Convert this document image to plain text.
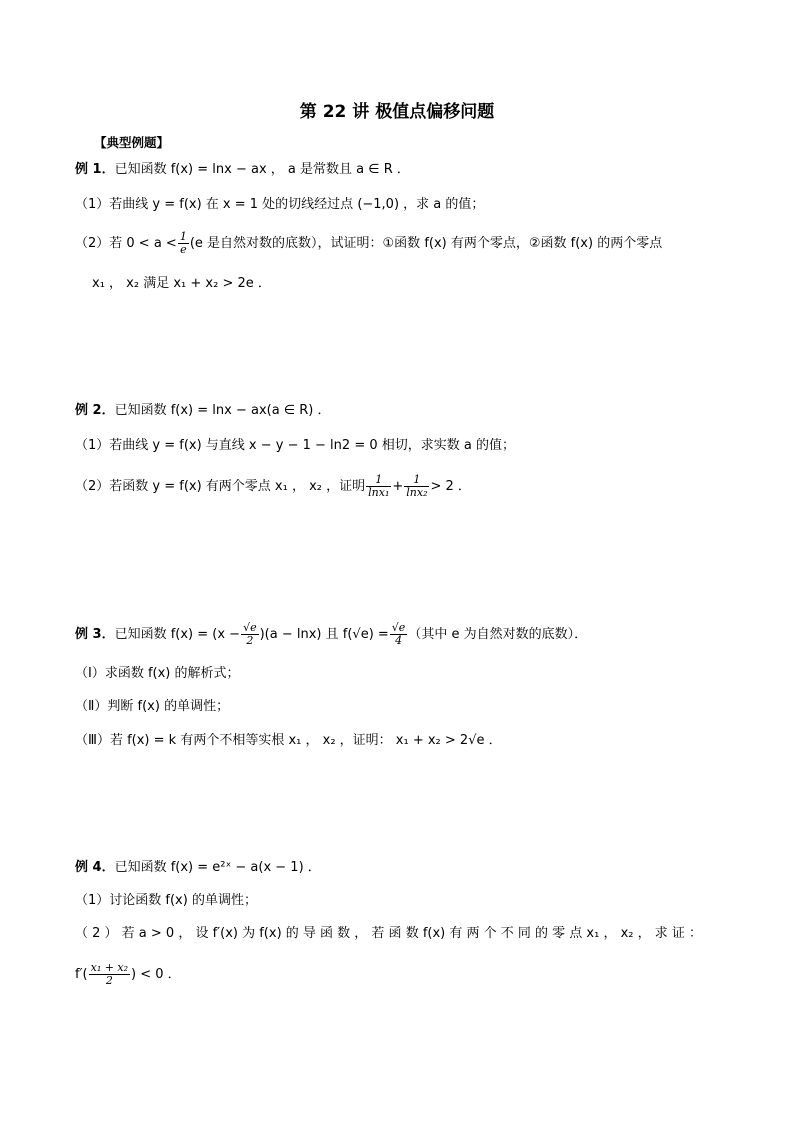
第 22 讲 极值点偏移问题
【典型例题】
例 1．已知函数 f(x) = lnx − ax ， a 是常数且 a ∈ R ．
（1）若曲线 y = f(x) 在 x = 1 处的切线经过点 (−1,0) ，求 a 的值；
（2）若 $0 < a < \frac{1}{e} (e$ 是自然对数的底数），试证明：①函数 f(x) 有两个零点，②函数 f(x) 的两个零点
x₁ ， x₂ 满足 x₁ + x₂ > 2e ．
例 2．已知函数 f(x) = lnx − ax(a ∈ R) ．
（1）若曲线 y = f(x) 与直线 x − y − 1 − ln2 = 0 相切，求实数 a 的值；
（2）若函数 y = f(x) 有两个零点 x₁ ， x₂ ，证明 $\frac{1}{\text{lnx₁}} + \frac{1}{\text{lnx₂}} > 2$ ．
例 3．已知函数 $f(x) = (x - \frac{√e}{2} )(a - \ln x)$ 且 $f(√e) = \frac{√e}{4}$ （其中 e 为自然对数的底数）．
（Ⅰ）求函数 f(x) 的解析式；
（Ⅱ）判断 f(x) 的单调性；
（Ⅲ）若 f(x) = k 有两个不相等实根 x₁ ， x₂ ，证明： x₁ + x₂ > 2√e ．
例 4．已知函数 f(x) = e²ˣ − a(x − 1) ．
（1）讨论函数 f(x) 的单调性；
（ 2 ） 若 a > 0 ， 设 f′(x) 为 f(x) 的 导 函 数 ， 若 函 数 f(x) 有 两 个 不 同 的 零 点 x₁ ， x₂ ， 求 证 ：
$f'( \frac{\text{x₁ + x₂}}{2}$ ) < 0 ．
